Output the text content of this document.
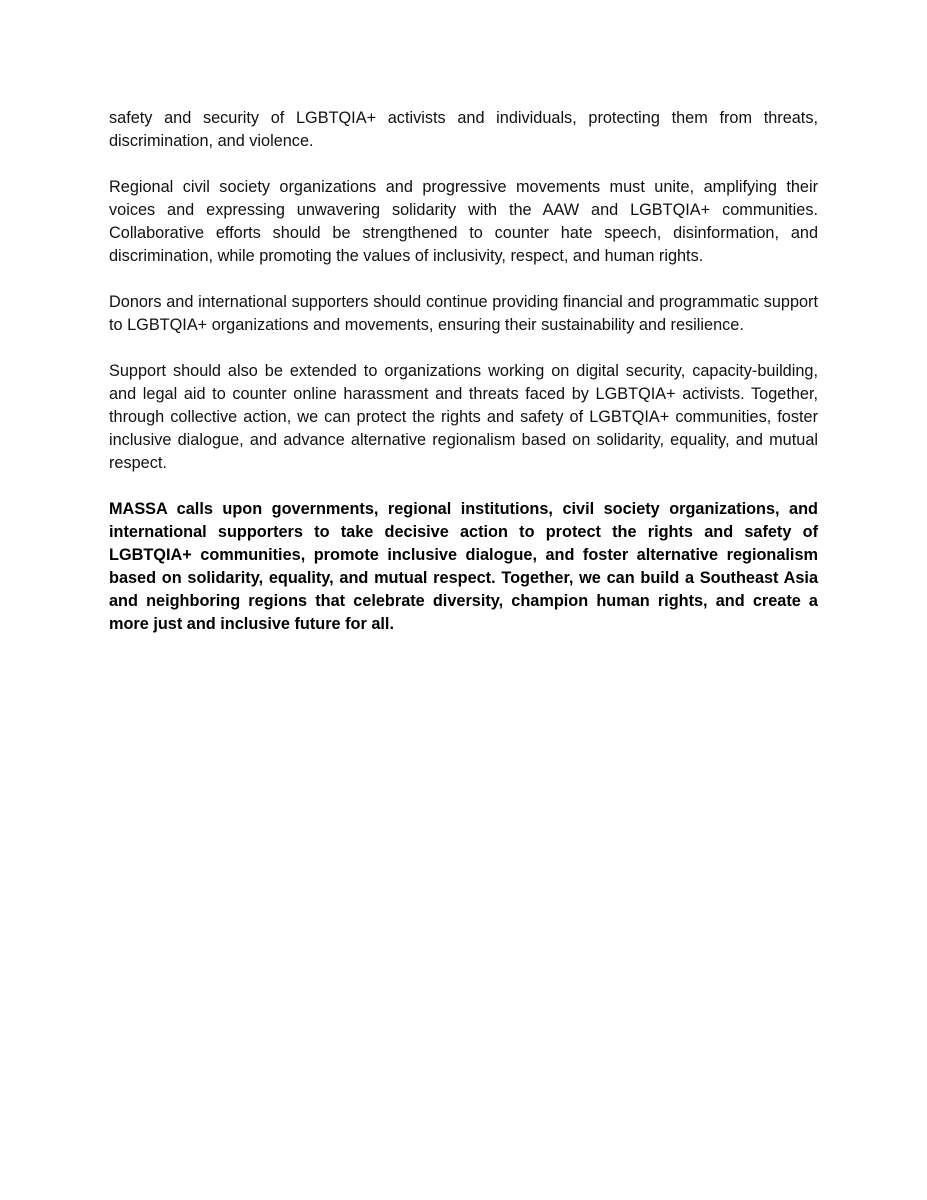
safety and security of LGBTQIA+ activists and individuals, protecting them from threats, discrimination, and violence.

Regional civil society organizations and progressive movements must unite, amplifying their voices and expressing unwavering solidarity with the AAW and LGBTQIA+ communities. Collaborative efforts should be strengthened to counter hate speech, disinformation, and discrimination, while promoting the values of inclusivity, respect, and human rights.

Donors and international supporters should continue providing financial and programmatic support to LGBTQIA+ organizations and movements, ensuring their sustainability and resilience.

Support should also be extended to organizations working on digital security, capacity-building, and legal aid to counter online harassment and threats faced by LGBTQIA+ activists. Together, through collective action, we can protect the rights and safety of LGBTQIA+ communities, foster inclusive dialogue, and advance alternative regionalism based on solidarity, equality, and mutual respect.

MASSA calls upon governments, regional institutions, civil society organizations, and international supporters to take decisive action to protect the rights and safety of LGBTQIA+ communities, promote inclusive dialogue, and foster alternative regionalism based on solidarity, equality, and mutual respect. Together, we can build a Southeast Asia and neighboring regions that celebrate diversity, champion human rights, and create a more just and inclusive future for all.
